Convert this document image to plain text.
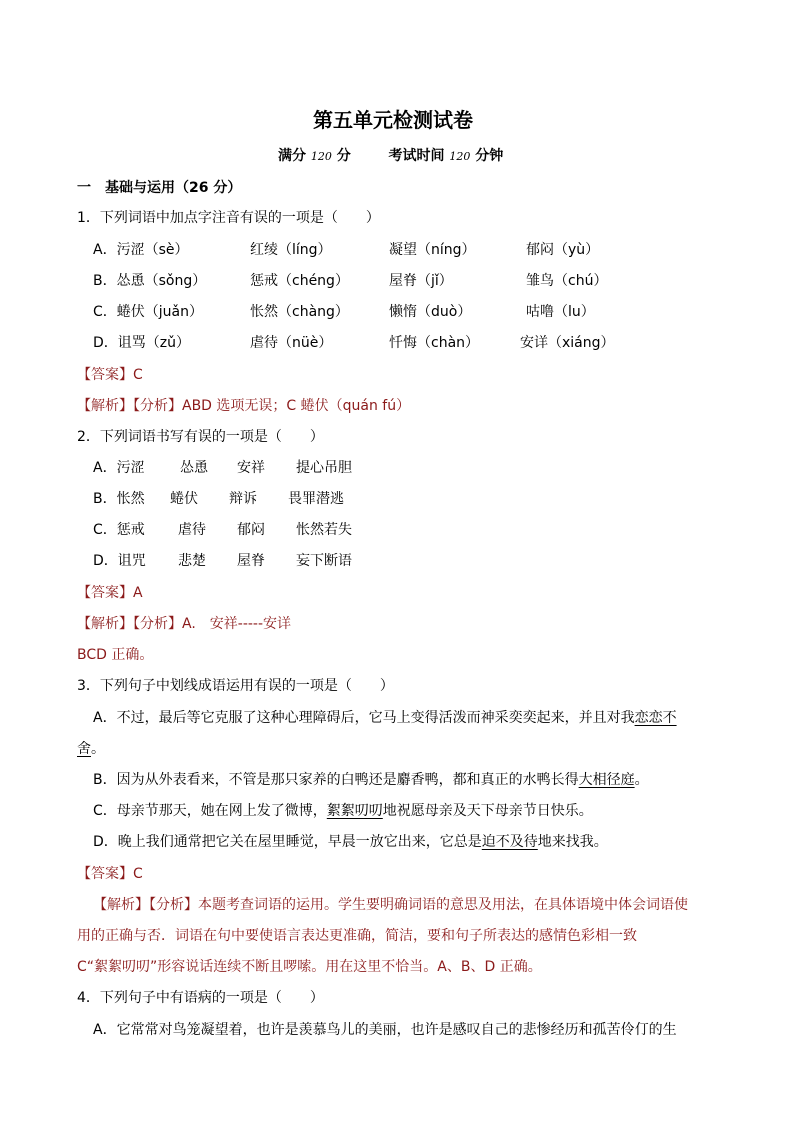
第五单元检测试卷
满分 120 分	考试时间 120 分钟
一　基础与运用（26 分）
1．下列词语中加点字注音有误的一项是（　　）
A．污涩（sè）	红绫（líng）	凝望（níng）	郁闷（yù）
B．怂恿（sǒng）	惩戒（chéng）	屋脊（jǐ）	雏鸟（chú）
C．蜷伏（juǎn）	怅然（chàng）	懒惰（duò）	咕噜（lu）
D．诅骂（zǔ）	虐待（nüè）	忏悔（chàn）	安详（xiáng）
【答案】C
【解析】【分析】ABD 选项无误；C 蜷伏（quán fú）
2．下列词语书写有误的一项是（　　）
A．污涩	怂恿 安祥 提心吊胆
B．怅然 蜷伏 辩诉 畏罪潜逃
C．惩戒 虐待 郁闷 怅然若失
D．诅咒 悲楚 屋脊 妄下断语
【答案】A
【解析】【分析】A.　安祥-----安详
BCD 正确。
3．下列句子中划线成语运用有误的一项是（　　）
A．不过，最后等它克服了这种心理障碍后，它马上变得活泼而神采奕奕起来，并且对我恋恋不
舍。
B．因为从外表看来，不管是那只家养的白鸭还是麝香鸭，都和真正的水鸭长得大相径庭。
C．母亲节那天，她在网上发了微博，絮絮叨叨地祝愿母亲及天下母亲节日快乐。
D．晚上我们通常把它关在屋里睡觉，早晨一放它出来，它总是迫不及待地来找我。
【答案】C
【解析】【分析】本题考查词语的运用。学生要明确词语的意思及用法，在具体语境中体会词语使
用的正确与否．词语在句中要使语言表达更准确，简洁，要和句子所表达的感情色彩相一致
C“絮絮叨叨”形容说话连续不断且啰嗦。用在这里不恰当。A、B、D 正确。
4．下列句子中有语病的一项是（　　）
A．它常常对鸟笼凝望着，也许是羡慕鸟儿的美丽，也许是感叹自己的悲惨经历和孤苦伶仃的生
